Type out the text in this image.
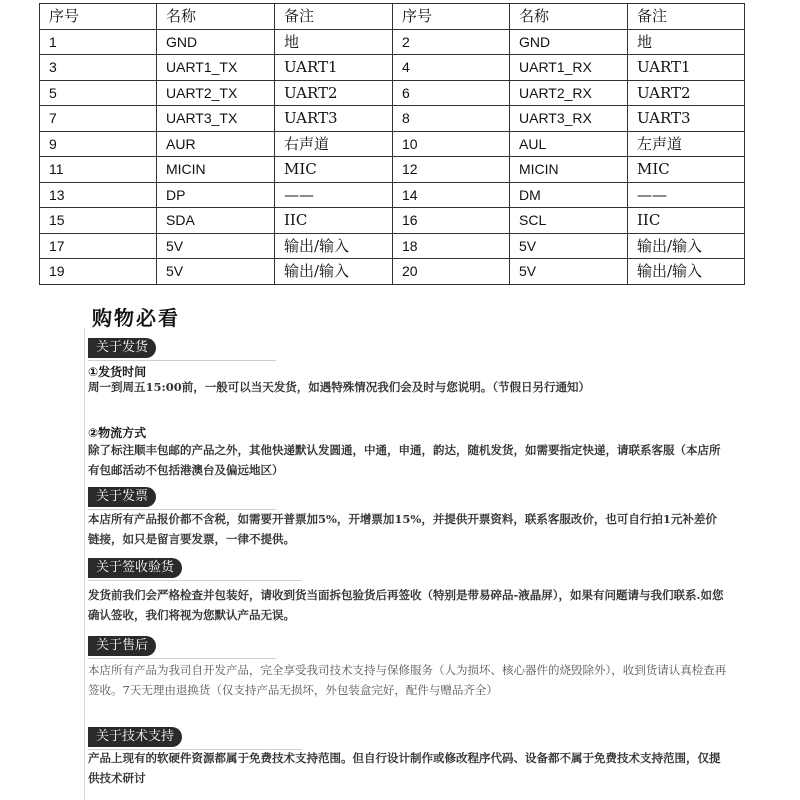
序号	名称	备注	序号	名称	备注
1	GND	地	2	GND	地
3	UART1_TX	UART1	4	UART1_RX	UART1
5	UART2_TX	UART2	6	UART2_RX	UART2
7	UART3_TX	UART3	8	UART3_RX	UART3
9	AUR	右声道	10	AUL	左声道
11	MICIN	MIC	12	MICIN	MIC
13	DP	——	14	DM	——
15	SDA	IIC	16	SCL	IIC
17	5V	输出/输入	18	5V	输出/输入
19	5V	输出/输入	20	5V	输出/输入
购物必看
关于发货
①发货时间
周一到周五15:00前，一般可以当天发货，如遇特殊情况我们会及时与您说明。（节假日另行通知）
②物流方式
除了标注顺丰包邮的产品之外，其他快递默认发圆通，中通，申通，韵达，随机发货，如需要指定快递，请联系客服（本店所有包邮活动不包括港澳台及偏远地区）
关于发票
本店所有产品报价都不含税，如需要开普票加5%，开增票加15%，并提供开票资料，联系客服改价，也可自行拍1元补差价链接，如只是留言要发票，一律不提供。
关于签收验货
发货前我们会严格检查并包装好，请收到货当面拆包验货后再签收（特别是带易碎品-液晶屏），如果有问题请与我们联系.如您确认签收，我们将视为您默认产品无误。
关于售后
本店所有产品为我司自开发产品，完全享受我司技术支持与保修服务（人为损坏、核心器件的烧毁除外），收到货请认真检查再签收。7天无理由退换货（仅支持产品无损坏，外包装盒完好，配件与赠品齐全）
关于技术支持
产品上现有的软硬件资源都属于免费技术支持范围。但自行设计制作或修改程序代码、设备都不属于免费技术支持范围，仅提供技术研讨
